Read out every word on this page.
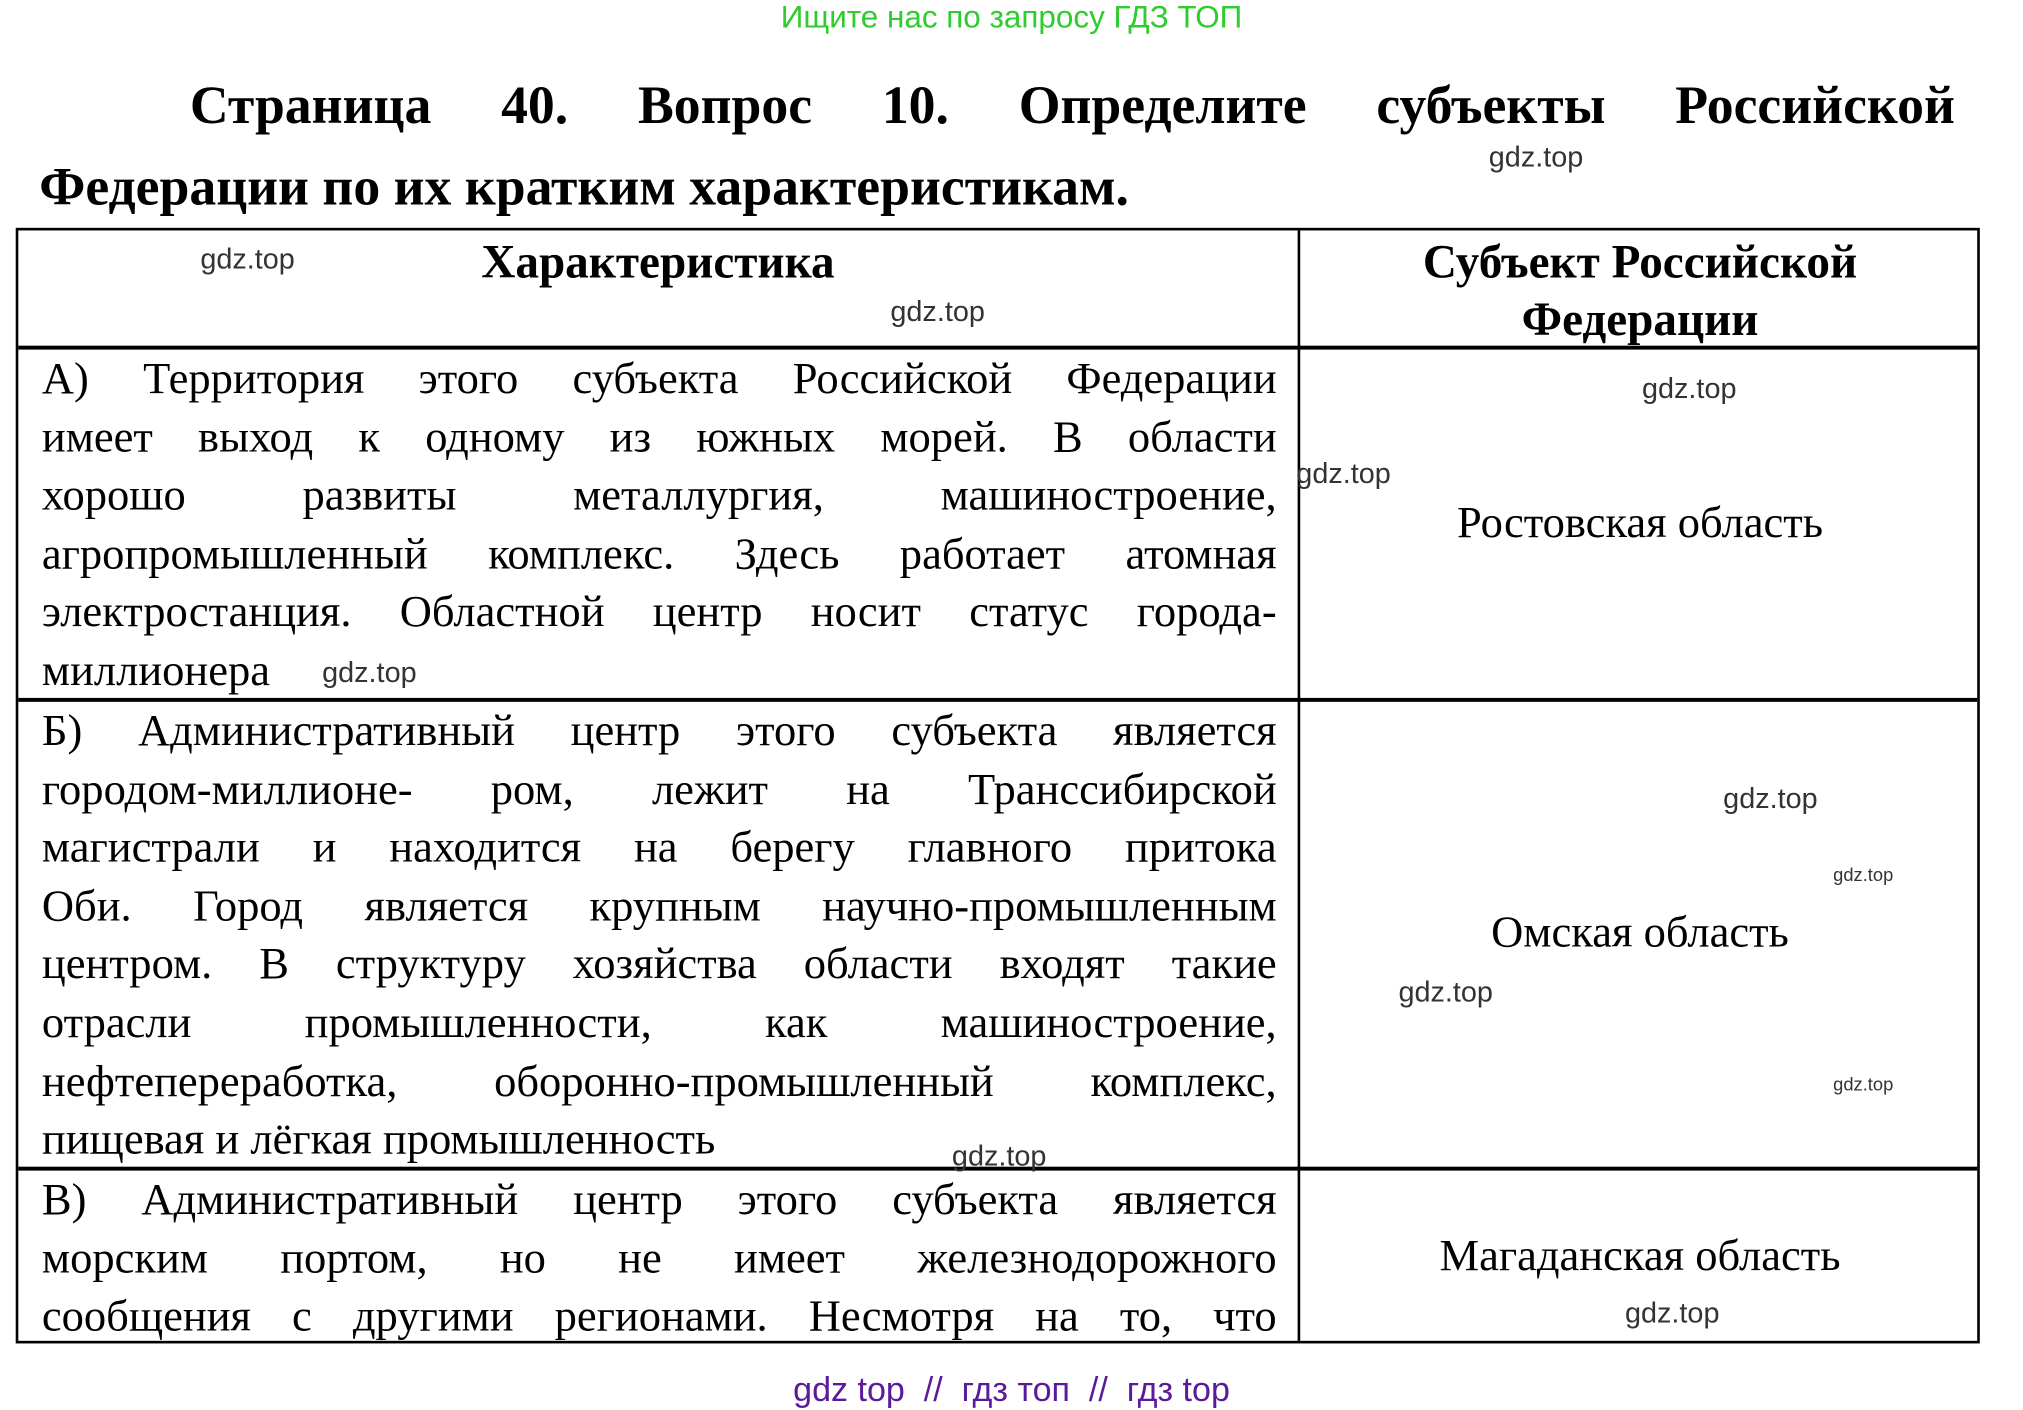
Ищите нас по запросу ГДЗ ТОП
Страница 40. Вопрос 10. Определите субъекты Российской
Федерации по их кратким характеристикам.
Характеристика	Субъект Российской
Федерации
А) Территория этого субъекта Российской Федерации
имеет выход к одному из южных морей. В области
хорошо развиты металлургия, машиностроение,
агропромышленный комплекс. Здесь работает атомная
электростанция. Областной центр носит статус города-
миллионера
Ростовская область
Б) Административный центр этого субъекта является
городом-миллионе- ром, лежит на Транссибирской
магистрали и находится на берегу главного притока
Оби. Город является крупным научно-промышленным
центром. В структуру хозяйства области входят такие
отрасли промышленности, как машиностроение,
нефтепереработка, оборонно-промышленный комплекс,
пищевая и лёгкая промышленность
Омская область
В) Административный центр этого субъекта является
морским портом, но не имеет железнодорожного
сообщения с другими регионами. Несмотря на то, что
Магаданская область
gdz.top
gdz.top
gdz.top
gdz.top
gdz.top
gdz.top
gdz.top
gdz.top
gdz.top
gdz.top
gdz.top
gdz.top
gdz top  //  гдз топ  //  гдз top
